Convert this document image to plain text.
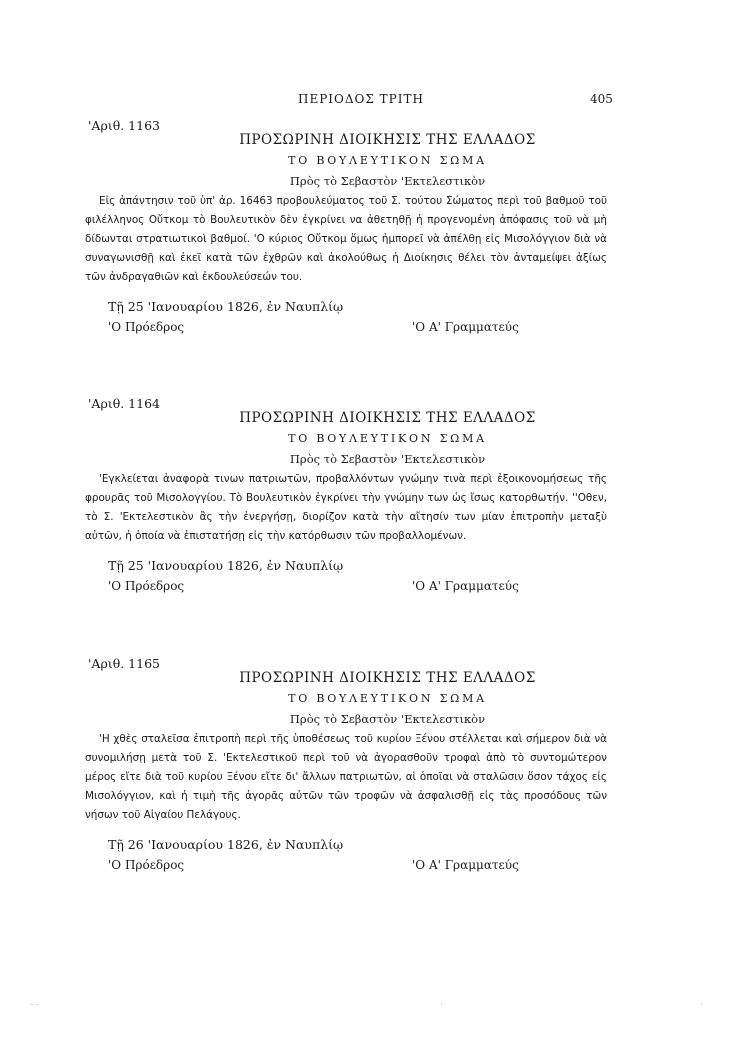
ΠΕΡΙΟΔΟΣ ΤΡΙΤΗ	405
'Αριθ. 1163
ΠΡΟΣΩΡΙΝΗ ΔΙΟΙΚΗΣΙΣ ΤΗΣ ΕΛΛΑΔΟΣ
ΤΟ ΒΟΥΛΕΥΤΙΚΟΝ ΣΩΜΑ
Πρὸς τὸ Σεβαστὸν 'Εκτελεστικὸν

Εἰς ἀπάντησιν τοῦ ὑπ' ἀρ. 16463 προβουλεύματος τοῦ Σ. τούτου Σώματος περὶ τοῦ βαθμοῦ τοῦ φιλέλληνος Οὔτκομ τὸ Βουλευτικὸν δὲν ἐγκρίνει να ἀθετηθῇ ἡ προγενομένη ἀπόφασις τοῦ νὰ μὴ δίδωνται στρατιωτικοὶ βαθμοί. 'Ο κύριος Οὔτκομ ὅμως ἠμπορεῖ νὰ ἀπέλθῃ εἰς Μισολόγγιον διὰ νὰ συναγωνισθῇ καὶ ἐκεῖ κατὰ τῶν ἐχθρῶν καὶ ἀκολούθως ἡ Διοίκησις θέλει τὸν ἀνταμείψει ἀξίως τῶν ἀνδραγαθιῶν καὶ ἐκδουλεύσεών του.

Τῇ 25 'Ιανουαρίου 1826, ἐν Ναυπλίῳ
'Ο Πρόεδρος	'Ο Α' Γραμματεύς
'Αριθ. 1164
ΠΡΟΣΩΡΙΝΗ ΔΙΟΙΚΗΣΙΣ ΤΗΣ ΕΛΛΑΔΟΣ
ΤΟ ΒΟΥΛΕΥΤΙΚΟΝ ΣΩΜΑ
Πρὸς τὸ Σεβαστὸν 'Εκτελεστικὸν

'Εγκλείεται ἀναφορὰ τινων πατριωτῶν, προβαλλόντων γνώμην τινὰ περὶ ἐξοικονομήσεως τῆς φρουρᾶς τοῦ Μισολογγίου. Τὸ Βουλευτικὸν ἐγκρίνει τὴν γνώμην των ὡς ἴσως κατορθωτήν. ''Οθεν, τὸ Σ. 'Εκτελεστικὸν ἂς τὴν ἐνεργήσῃ, διορίζον κατὰ τὴν αἴτησίν των μίαν ἐπιτροπὴν μεταξὺ αὐτῶν, ἡ ὁποία νὰ ἐπιστατήσῃ εἰς τὴν κατόρθωσιν τῶν προβαλλομένων.

Τῇ 25 'Ιανουαρίου 1826, ἐν Ναυπλίῳ
'Ο Πρόεδρος	'Ο Α' Γραμματεύς
'Αριθ. 1165
ΠΡΟΣΩΡΙΝΗ ΔΙΟΙΚΗΣΙΣ ΤΗΣ ΕΛΛΑΔΟΣ
ΤΟ ΒΟΥΛΕΥΤΙΚΟΝ ΣΩΜΑ
Πρὸς τὸ Σεβαστὸν 'Εκτελεστικὸν

'Η χθὲς σταλεῖσα ἐπιτροπὴ περὶ τῆς ὑποθέσεως τοῦ κυρίου Ξένου στέλλεται καὶ σήμερον διὰ νὰ συνομιλήσῃ μετὰ τοῦ Σ. 'Εκτελεστικοῦ περὶ τοῦ νὰ ἀγορασθοῦν τροφαὶ ἀπὸ τὸ συντομώτερον μέρος εἴτε διὰ τοῦ κυρίου Ξένου εἴτε δι' ἄλλων πατριωτῶν, αἱ ὁποῖαι νὰ σταλῶσιν ὅσον τάχος εἰς Μισολόγγιον, καὶ ἡ τιμὴ τῆς ἀγορᾶς αὐτῶν τῶν τροφῶν νὰ ἀσφαλισθῇ εἰς τὰς προσόδους τῶν νήσων τοῦ Αἰγαίου Πελάγους.

Τῇ 26 'Ιανουαρίου 1826, ἐν Ναυπλίῳ
'Ο Πρόεδρος	'Ο Α' Γραμματεύς
- -	·	·
